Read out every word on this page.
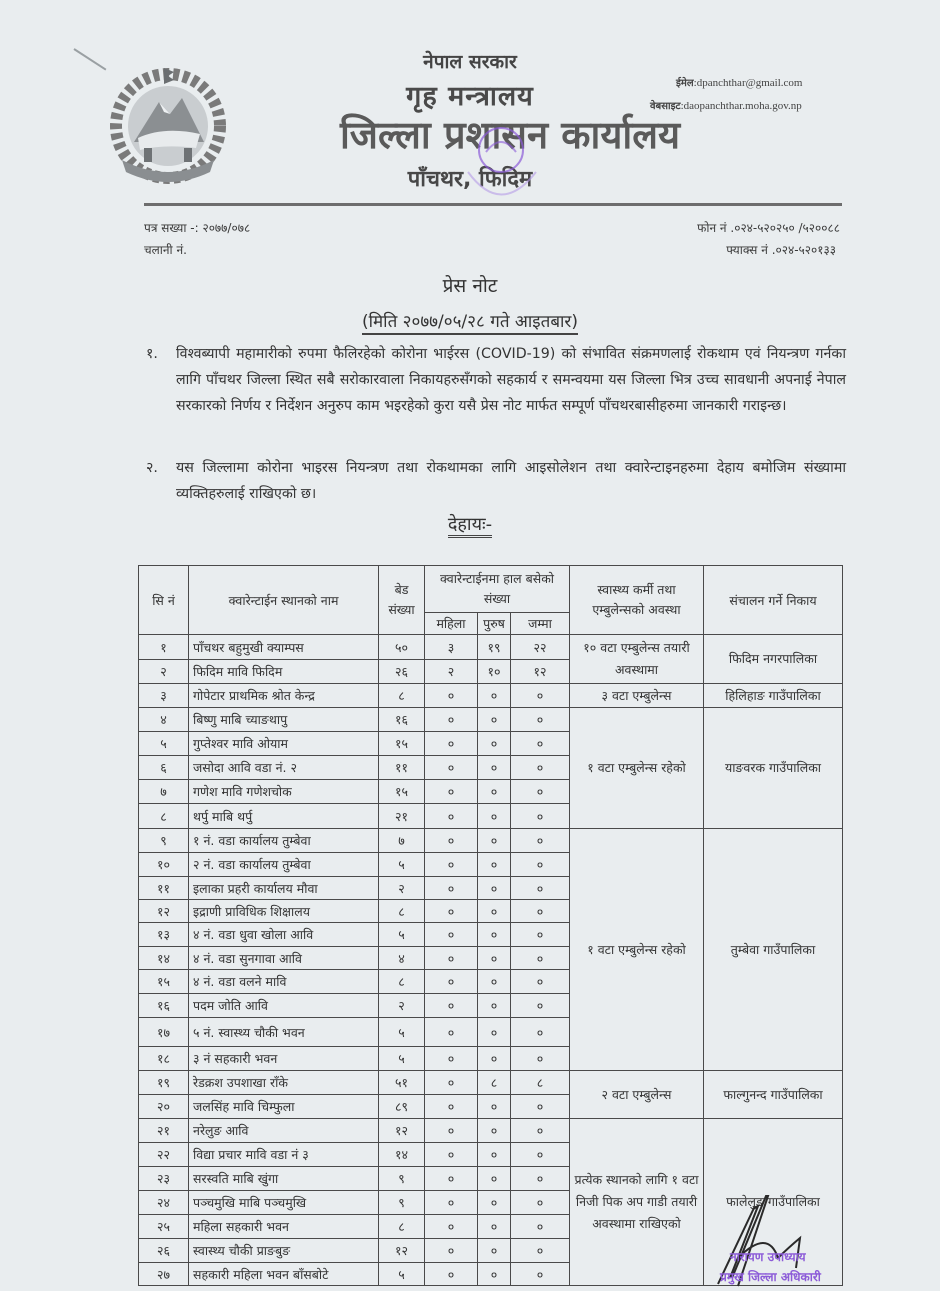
नेपाल सरकार
गृह मन्त्रालय
जिल्ला प्रशासन कार्यालय
पाँचथर, फिदिम
ईमेल:dpanchthar@gmail.com
वेबसाइट:daopanchthar.moha.gov.np
पत्र सख्या -: २०७७/०७८
चलानी नं.
फोन नं .०२४-५२०२५० /५२००८८
फ्याक्स नं .०२४-५२०१३३
प्रेस नोट
(मिति २०७७/०५/२८ गते आइतबार)
१. विश्वब्यापी महामारीको रुपमा फैलिरहेको कोरोना भाईरस (COVID-19) को संभावित संक्रमणलाई रोकथाम एवं नियन्त्रण गर्नका लागि पाँचथर जिल्ला स्थित सबै सरोकारवाला निकायहरुसँगको सहकार्य र समन्वयमा यस जिल्ला भित्र उच्च सावधानी अपनाई नेपाल सरकारको निर्णय र निर्देशन अनुरुप काम भइरहेको कुरा यसै प्रेस नोट मार्फत सम्पूर्ण पाँचथरबासीहरुमा जानकारी गराइन्छ।
२. यस जिल्लामा कोरोना भाइरस नियन्त्रण तथा रोकथामका लागि आइसोलेशन तथा क्वारेन्टाइनहरुमा देहाय बमोजिम संख्यामा व्यक्तिहरुलाई राखिएको छ।
देहायः-
सि नं	क्वारेन्टाईन स्थानको नाम	बेड संख्या	क्वारेन्टाईनमा हाल बसेको संख्या			स्वास्थ्य कर्मी तथा एम्बुलेन्सको अवस्था	संचालन गर्ने निकाय
			महिला	पुरुष	जम्मा		
१	पाँचथर बहुमुखी क्याम्पस	५०	३	१९	२२	१० वटा एम्बुलेन्स तयारी अवस्थामा	फिदिम नगरपालिका
२	फिदिम मावि फिदिम	२६	२	१०	१२		
३	गोपेटार प्राथमिक श्रोत केन्द्र	८	०	०	०	३ वटा एम्बुलेन्स	हिलिहाङ गाउँपालिका
४	बिष्णु माबि च्याङथापु	१६	०	०	०	१ वटा एम्बुलेन्स रहेको	याङवरक गाउँपालिका
५	गुप्तेश्वर मावि ओयाम	१५	०	०	०		
६	जसोदा आवि वडा नं. २	११	०	०	०		
७	गणेश मावि गणेशचोक	१५	०	०	०		
८	थर्पु माबि थर्पु	२१	०	०	०		
९	१ नं. वडा कार्यालय तुम्बेवा	७	०	०	०	१ वटा एम्बुलेन्स रहेको	तुम्बेवा गाउँपालिका
१०	२ नं. वडा कार्यालय तुम्बेवा	५	०	०	०		
११	इलाका प्रहरी कार्यालय मौवा	२	०	०	०		
१२	इद्राणी प्राविधिक शिक्षालय	८	०	०	०		
१३	४ नं. वडा धुवा खोला आवि	५	०	०	०		
१४	४ नं. वडा सुनगावा आवि	४	०	०	०		
१५	४ नं. वडा वलने मावि	८	०	०	०		
१६	पदम जोति आवि	२	०	०	०		
१७	५ नं. स्वास्थ्य चौकी भवन	५	०	०	०		
१८	३ नं सहकारी भवन	५	०	०	०		
१९	रेडक्रश उपशाखा राँके	५१	०	८	८	२ वटा एम्बुलेन्स	फाल्गुनन्द गाउँपालिका
२०	जलसिंह मावि चिम्फुला	८९	०	०	०		
२१	नरेलुङ आवि	१२	०	०	०	प्रत्येक स्थानको लागि १ वटा निजी पिक अप गाडी तयारी अवस्थामा राखिएको	फालेलुङ गाउँपालिका
२२	विद्या प्रचार मावि वडा नं ३	१४	०	०	०		
२३	सरस्वति माबि खुंगा	९	०	०	०		
२४	पञ्चमुखि माबि पञ्चमुखि	९	०	०	०		
२५	महिला सहकारी भवन	८	०	०	०		
२६	स्वास्थ्य चौकी प्राङबुङ	१२	०	०	०		
२७	सहकारी महिला भवन बाँसबोटे	५	०	०	०		
नारायण उपाध्याय
प्रमुख जिल्ला अधिकारी
